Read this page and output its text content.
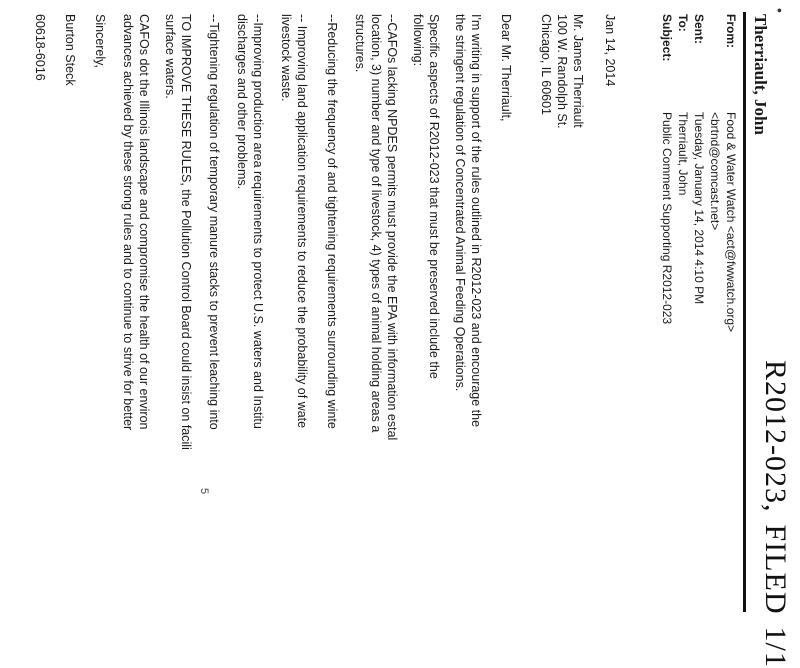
•
R2012-023,FILED1/1
Therriault, John
From:
Food & Water Watch <act@fwwatch.org>
<brtnd@comcast.net>
Sent:
Tuesday, January 14, 2014 4:10 PM
To:
Therriault, John
Subject:
Public Comment Supporting R2012-023
Jan 14, 2014
Mr. James Therriault
100 W. Randolph St.
Chicago, IL 60601
Dear Mr. Therriault,
I'm writing in support of the rules outlined in R2012-023 and encourage the
the stringent regulation of Concentrated Animal Feeding Operations.
Specific aspects of R2012-023 that must be preserved include the
following:
--CAFOs lacking NPDES permits must provide the EPA with information estal
location, 3) number and type of livestock, 4) types of animal holding areas a
structures.
--Reducing the frequency of and tightening requirements surrounding winte
-- Improving land application requirements to reduce the probability of wate
livestock waste.
--Improving production area requirements to protect U.S. waters and Institu
discharges and other problems.
--Tightening regulation of temporary manure stacks to prevent leaching into
TO IMPROVE THESE RULES, the Pollution Control Board could insist on facili
surface waters.
CAFOs dot the Illinois landscape and compromise the health of our environ
advances achieved by these strong rules and to continue to strive for better
Sincerely,
Burton Steck
60618-6016
5
